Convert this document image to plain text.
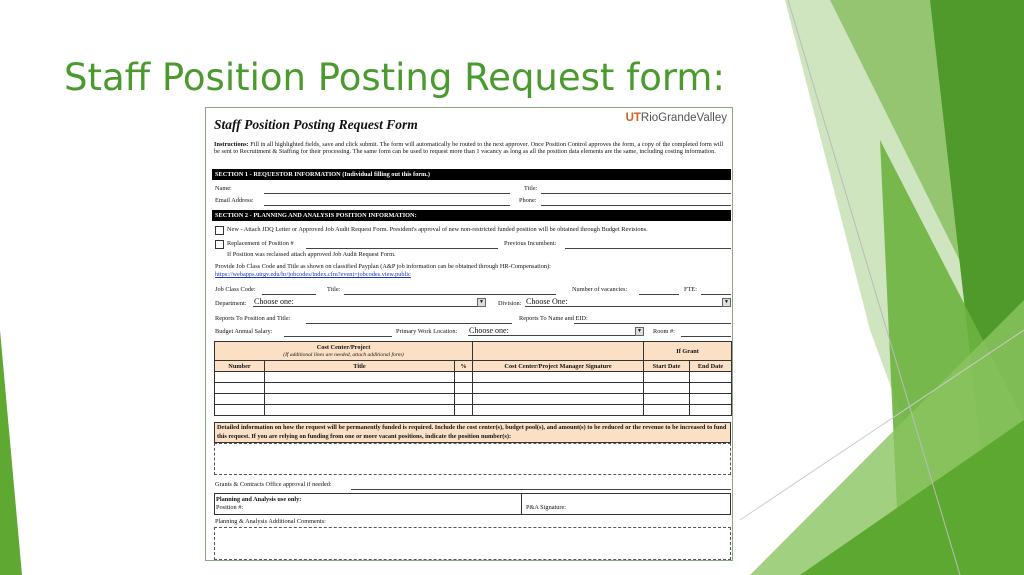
Staff Position Posting Request form:
Staff Position Posting Request Form	UTRioGrandeValley
Instructions: Fill in all highlighted fields, save and click submit. The form will automatically be routed to the next approver. Once Position Control approves the form, a copy of the completed form will be sent to Recruitment & Staffing for their processing. The same form can be used to request more than 1 vacancy as long as all the position data elements are the same, including costing information.
SECTION 1 - REQUESTOR INFORMATION (Individual filling out this form.)
Name:	Title:
Email Address:	Phone:
SECTION 2 - PLANNING AND ANALYSIS POSITION INFORMATION:
New - Attach JDQ Letter or Approved Job Audit Request Form. President's approval of new non-restricted funded position will be obtained through Budget Revisions.
Replacement of Position #	Previous Incumbent:
If Position was reclassed attach approved Job Audit Request Form.
Provide Job Class Code and Title as shown on classified Payplan (A&P job information can be obtained through HR-Compensation):
https://webapps.utrgv.edu/hr/jobcodes/index.cfm?event=jobcodes.view.public
Job Class Code:	Title:	Number of vacancies:	FTE:
Department: Choose one:	▼	Division: Choose One:	▼
Reports To Position and Title:	Reports To Name and EID:
Budget Annual Salary:	Primary Work Location: Choose one:	▼	Room #:
Cost Center/Project
(If additional lines are needed, attach additional form)				If Grant	
Number	Title	%	Cost Center/Project Manager Signature	Start Date	End Date

Detailed information on how the request will be permanently funded is required. Include the cost center(s), budget pool(s), and amount(s) to be reduced or the revenue to be increased to fund this request. If you are relying on funding from one or more vacant positions, indicate the position number(s):
Grants & Contracts Office approval if needed:
Planning and Analysis use only:
Position #:	P&A Signature:
Planning & Analysis Additional Comments:
